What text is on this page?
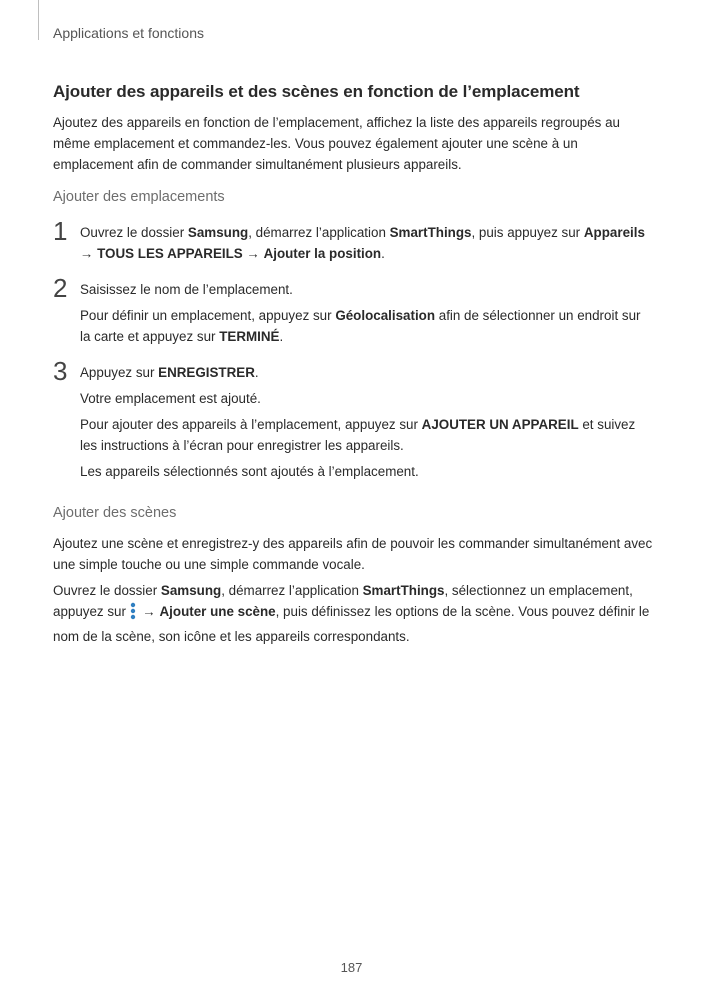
Applications et fonctions
Ajouter des appareils et des scènes en fonction de l’emplacement

Ajoutez des appareils en fonction de l’emplacement, affichez la liste des appareils regroupés au même emplacement et commandez-les. Vous pouvez également ajouter une scène à un emplacement afin de commander simultanément plusieurs appareils.

Ajouter des emplacements
1 Ouvrez le dossier Samsung, démarrez l’application SmartThings, puis appuyez sur Appareils → TOUS LES APPAREILS → Ajouter la position.

2 Saisissez le nom de l’emplacement.

Pour définir un emplacement, appuyez sur Géolocalisation afin de sélectionner un endroit sur la carte et appuyez sur TERMINÉ.

3 Appuyez sur ENREGISTRER.

Votre emplacement est ajouté.

Pour ajouter des appareils à l’emplacement, appuyez sur AJOUTER UN APPAREIL et suivez les instructions à l’écran pour enregistrer les appareils.

Les appareils sélectionnés sont ajoutés à l’emplacement.

Ajouter des scènes

Ajoutez une scène et enregistrez-y des appareils afin de pouvoir les commander simultanément avec une simple touche ou une simple commande vocale.

Ouvrez le dossier Samsung, démarrez l’application SmartThings, sélectionnez un emplacement, appuyez sur  → Ajouter une scène, puis définissez les options de la scène. Vous pouvez définir le nom de la scène, son icône et les appareils correspondants.

187
